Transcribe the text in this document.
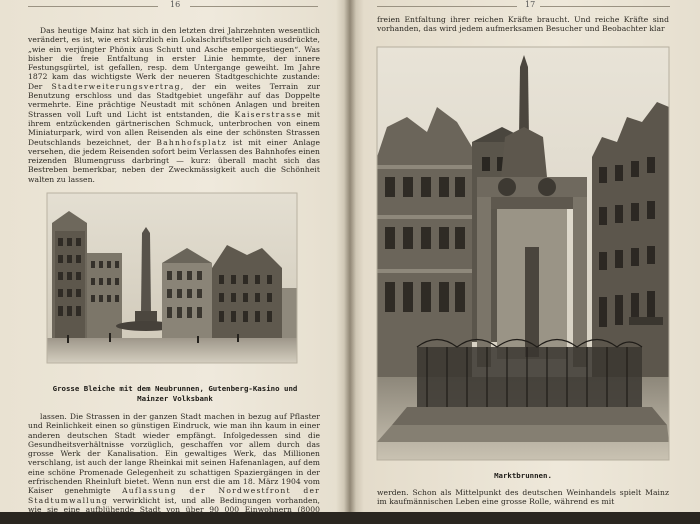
16

Das heutige Mainz hat sich in den letzten drei Jahrzehnten wesentlich verändert, es ist, wie erst kürzlich ein Lokalschriftsteller sich ausdrückte, „wie ein verjüngter Phönix aus Schutt und Asche emporgestiegen“. Was bisher die freie Entfaltung in erster Linie hemmte, der innere Festungsgürtel, ist gefallen, resp. dem Untergange geweiht. Im Jahre 1872 kam das wichtigste Werk der neueren Stadtgeschichte zustande: Der Stadterweiterungsvertrag, der ein weites Terrain zur Benutzung erschloss und das Stadtgebiet ungefähr auf das Doppelte vermehrte. Eine prächtige Neustadt mit schönen Anlagen und breiten Strassen voll Luft und Licht ist entstanden, die Kaiserstrasse mit ihrem entzückenden gärtnerischen Schmuck, unterbrochen von einem Miniaturpark, wird von allen Reisenden als eine der schönsten Strassen Deutschlands bezeichnet, der Bahnhofsplatz ist mit einer Anlage versehen, die jedem Reisenden sofort beim Verlassen des Bahnhofes einen reizenden Blumengruss darbringt — kurz: überall macht sich das Bestreben bemerkbar, neben der Zweckmässigkeit auch die Schönheit walten zu lassen.

Grosse Bleiche mit dem Neubrunnen, Gutenberg-Kasino und
Mainzer Volksbank

lassen. Die Strassen in der ganzen Stadt machen in bezug auf Pflaster und Reinlichkeit einen so günstigen Eindruck, wie man ihn kaum in einer anderen deutschen Stadt wieder empfängt. Infolgedessen sind die Gesundheitsverhältnisse vorzüglich, geschaffen vor allem durch das grosse Werk der Kanalisation. Ein gewaltiges Werk, das Millionen verschlang, ist auch der lange Rheinkai mit seinen Hafenanlagen, auf dem eine schöne Promenade Gelegenheit zu schattigen Spaziergängen in der erfrischenden Rheinluft bietet. Wenn nun erst die am 18. März 1904 vom Kaiser genehmigte Auflassung der Nordwestfront der Stadtumwallung verwirklicht ist, und alle Bedingungen vorhanden, wie sie eine aufblühende Stadt von über 90 000 Einwohnern (8000 Soldaten) zur

17

freien Entfaltung ihrer reichen Kräfte braucht. Und reiche Kräfte sind vorhanden, das wird jedem aufmerksamen Besucher und Beobachter klar

Marktbrunnen.

werden. Schon als Mittelpunkt des deutschen Weinhandels spielt Mainz im kaufmännischen Leben eine grosse Rolle, während es mit
